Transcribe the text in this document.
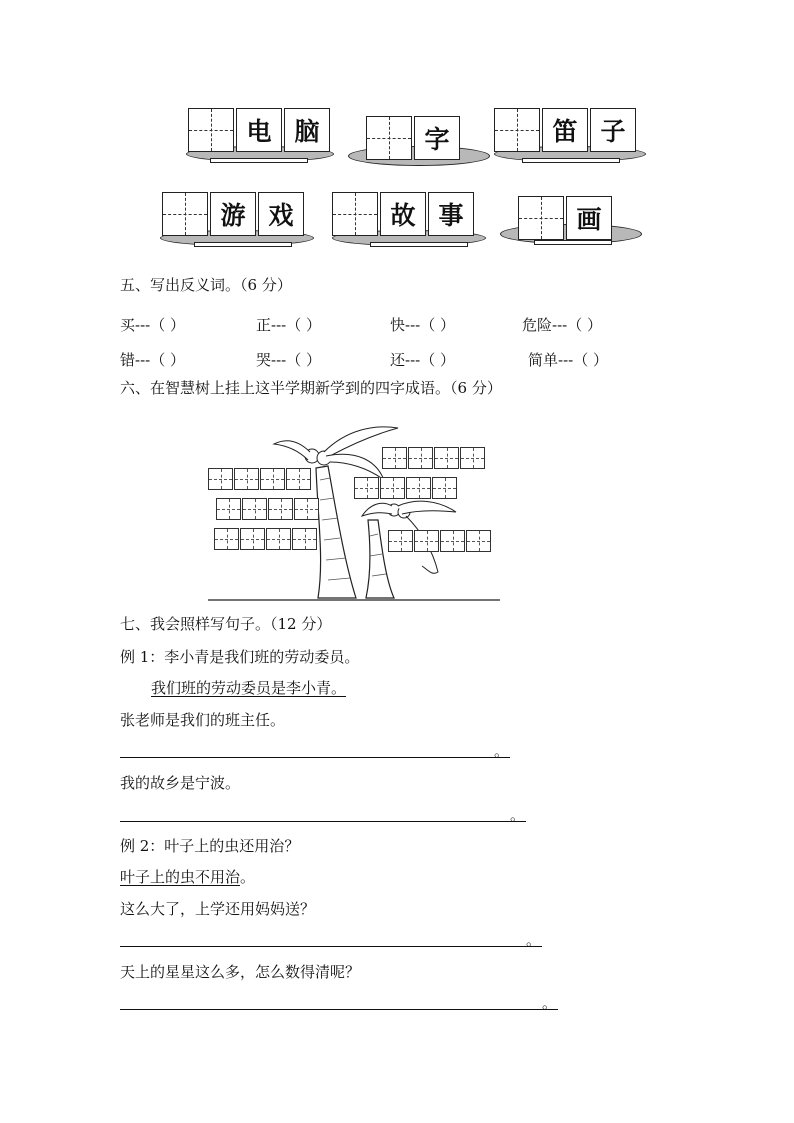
电 脑	字	笛 子
游 戏	故 事	画
五、写出反义词。（6 分）
买---（ ）	正---（ ）	快---（ ）	危险---（ ）
错---（ ）	哭---（ ）	还---（ ）	简单---（ ）
六、在智慧树上挂上这半学期新学到的四字成语。（6 分）
七、我会照样写句子。（12 分）
例 1：李小青是我们班的劳动委员。
我们班的劳动委员是李小青。
张老师是我们的班主任。
。
我的故乡是宁波。
。
例 2：叶子上的虫还用治？
叶子上的虫不用治。
这么大了，上学还用妈妈送？
。
天上的星星这么多，怎么数得清呢？
。
